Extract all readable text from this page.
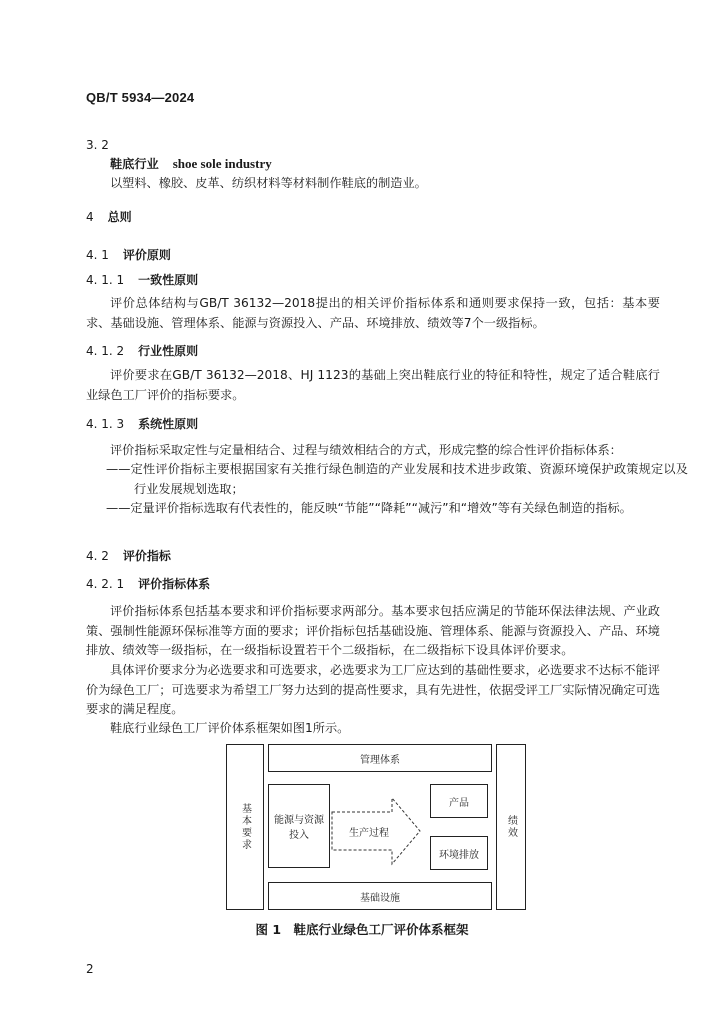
QB/T 5934—2024
3. 2
鞋底行业 shoe sole industry
以塑料、橡胶、皮革、纺织材料等材料制作鞋底的制造业。
4 总则
4. 1 评价原则
4. 1. 1 一致性原则

评价总体结构与GB/T 36132—2018提出的相关评价指标体系和通则要求保持一致，包括：基本要求、基础设施、管理体系、能源与资源投入、产品、环境排放、绩效等7个一级指标。

4. 1. 2 行业性原则

评价要求在GB/T 36132—2018、HJ 1123的基础上突出鞋底行业的特征和特性，规定了适合鞋底行业绿色工厂评价的指标要求。

4. 1. 3 系统性原则

评价指标采取定性与定量相结合、过程与绩效相结合的方式，形成完整的综合性评价指标体系：

——定性评价指标主要根据国家有关推行绿色制造的产业发展和技术进步政策、资源环境保护政策规定以及行业发展规划选取；

——定量评价指标选取有代表性的，能反映“节能”“降耗”“减污”和“增效”等有关绿色制造的指标。

4. 2 评价指标
4. 2. 1 评价指标体系

评价指标体系包括基本要求和评价指标要求两部分。基本要求包括应满足的节能环保法律法规、产业政策、强制性能源环保标准等方面的要求；评价指标包括基础设施、管理体系、能源与资源投入、产品、环境排放、绩效等一级指标，在一级指标设置若干个二级指标，在二级指标下设具体评价要求。

具体评价要求分为必选要求和可选要求，必选要求为工厂应达到的基础性要求，必选要求不达标不能评价为绿色工厂；可选要求为希望工厂努力达到的提高性要求，具有先进性，依据受评工厂实际情况确定可选要求的满足程度。

鞋底行业绿色工厂评价体系框架如图1所示。

基本要求	绩效
管理体系
基础设施
能源与资源投入	生产过程
产品
环境排放
图 1　鞋底行业绿色工厂评价体系框架
2
